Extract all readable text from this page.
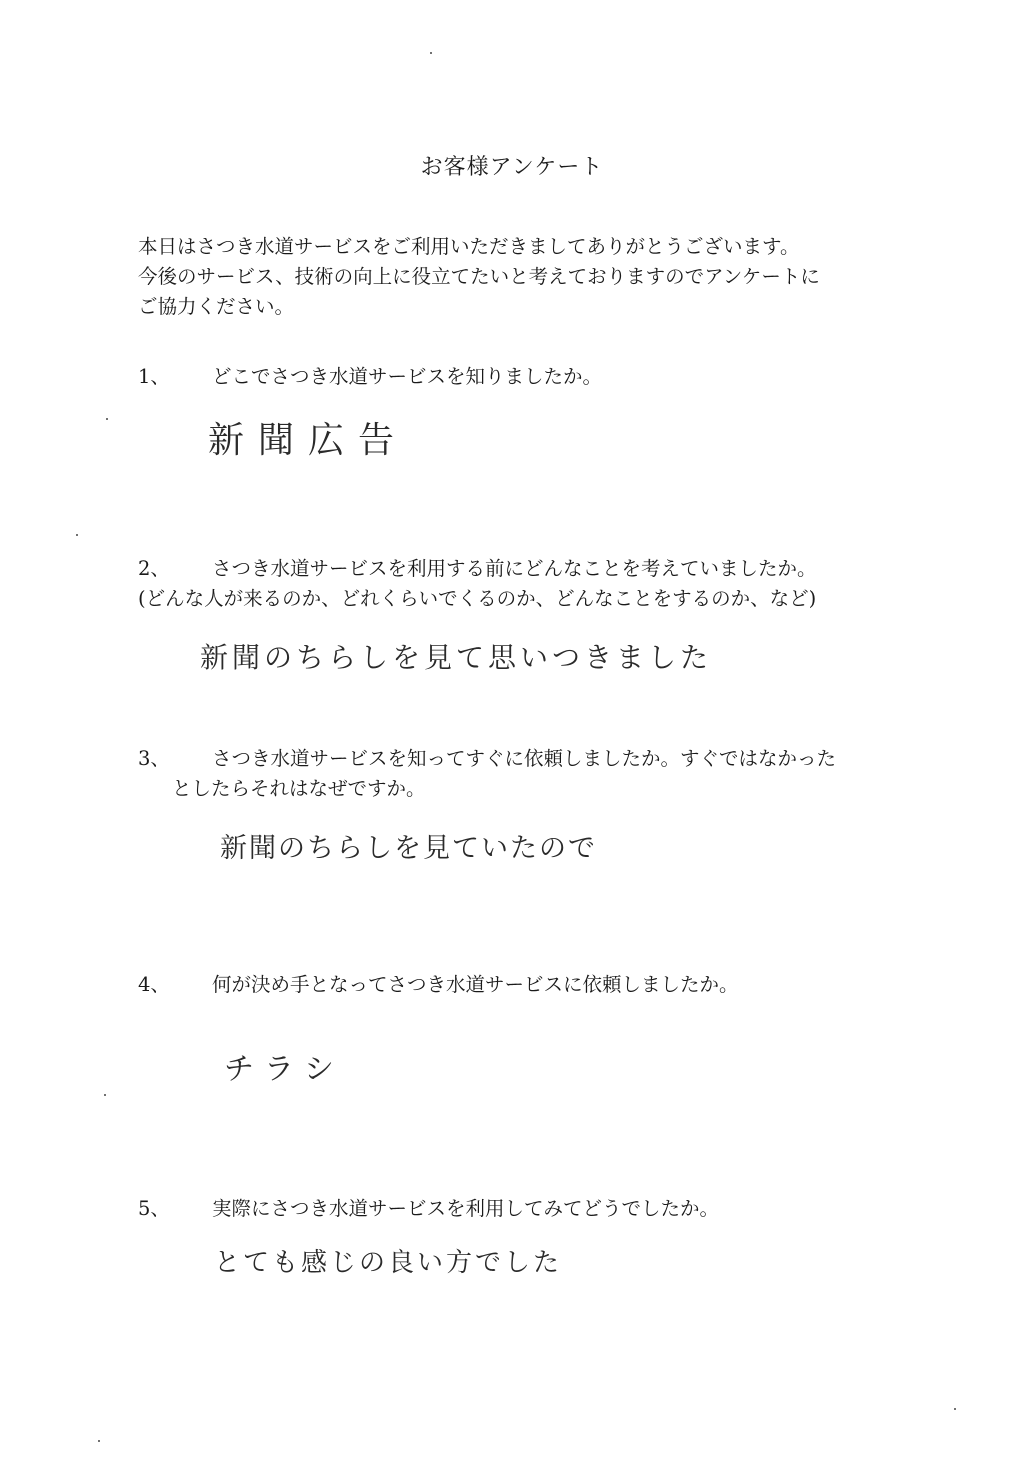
お客様アンケート
本日はさつき水道サービスをご利用いただきましてありがとうございます。
今後のサービス、技術の向上に役立てたいと考えておりますのでアンケートに
ご協力ください。
1、	どこでさつき水道サービスを知りましたか。
新聞広告
2、	さつき水道サービスを利用する前にどんなことを考えていましたか。
(どんな人が来るのか、どれくらいでくるのか、どんなことをするのか、など)
新聞のちらしを見て思いつきました
3、	さつき水道サービスを知ってすぐに依頼しましたか。すぐではなかった
としたらそれはなぜですか。
新聞のちらしを見ていたので
4、	何が決め手となってさつき水道サービスに依頼しましたか。
チラシ
5、	実際にさつき水道サービスを利用してみてどうでしたか。
とても感じの良い方でした
